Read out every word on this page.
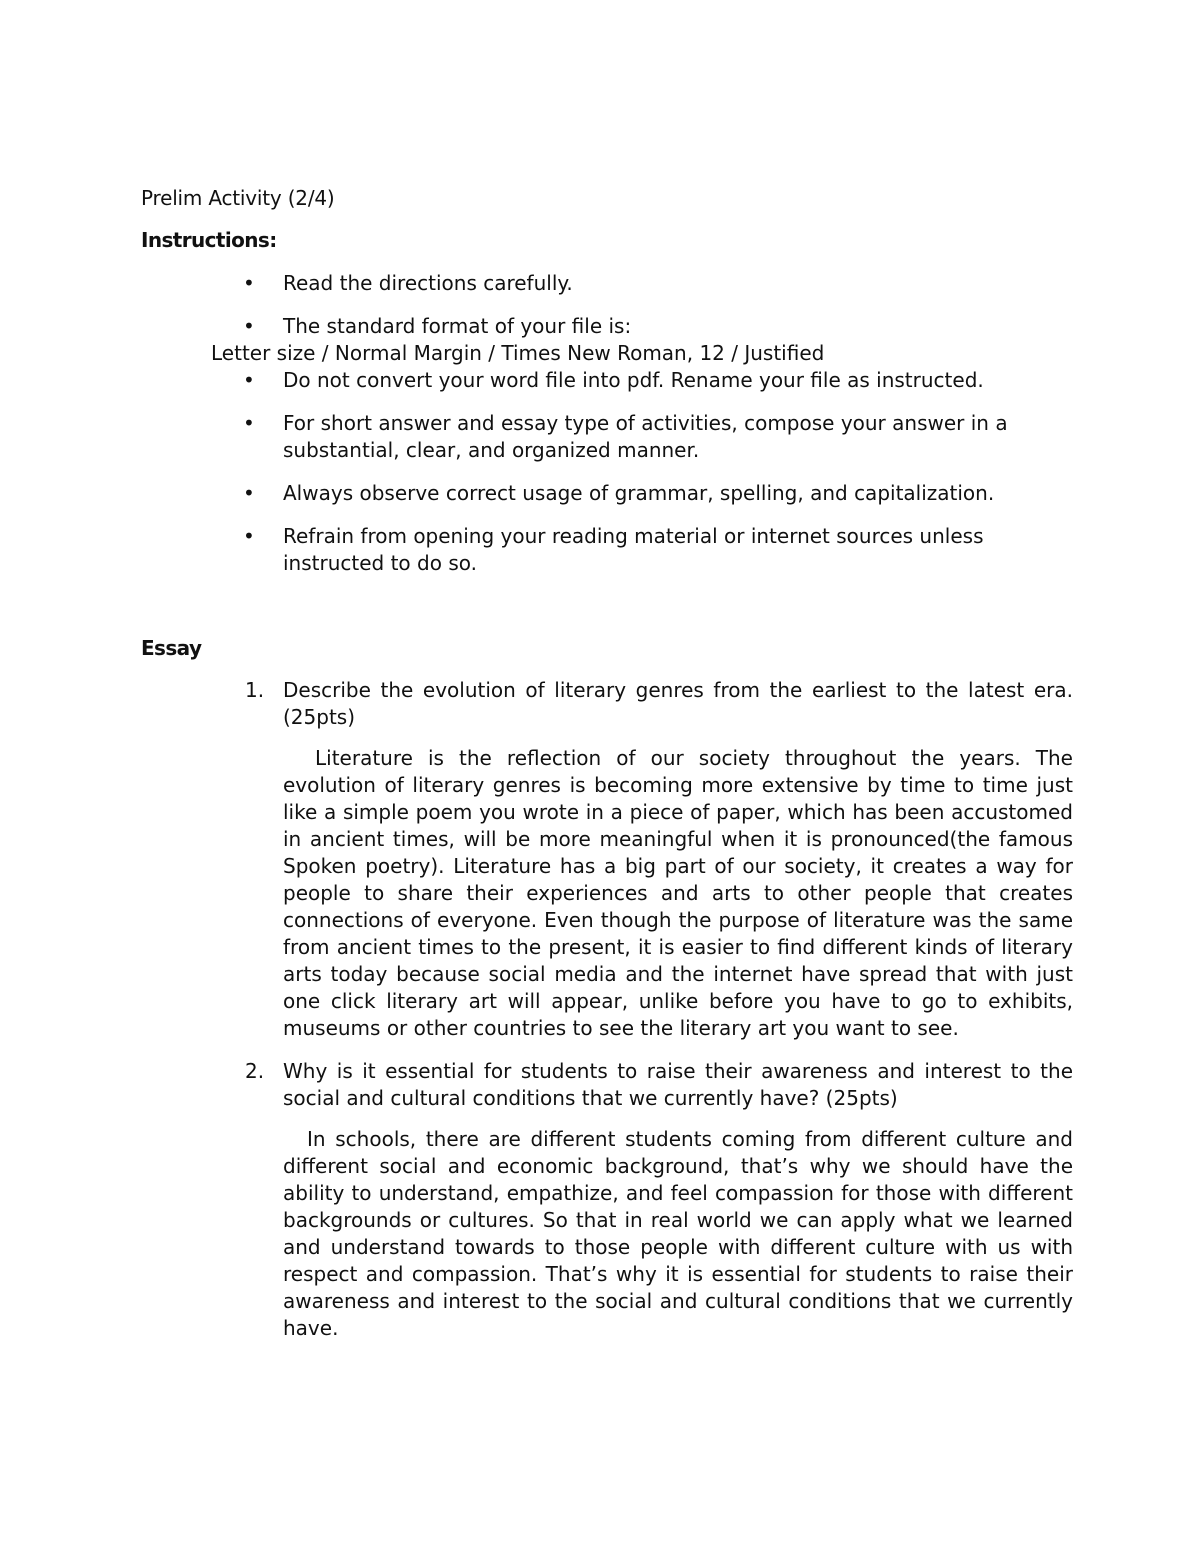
Prelim Activity (2/4)
Instructions:
• Read the directions carefully.
• The standard format of your file is:
Letter size / Normal Margin / Times New Roman, 12 / Justified
• Do not convert your word file into pdf. Rename your file as instructed.
• For short answer and essay type of activities, compose your answer in a substantial, clear, and organized manner.
• Always observe correct usage of grammar, spelling, and capitalization.
• Refrain from opening your reading material or internet sources unless instructed to do so.
Essay
1. Describe the evolution of literary genres from the earliest to the latest era. (25pts)

Literature is the reflection of our society throughout the years. The evolution of literary genres is becoming more extensive by time to time just like a simple poem you wrote in a piece of paper, which has been accustomed in ancient times, will be more meaningful when it is pronounced(the famous Spoken poetry). Literature has a big part of our society, it creates a way for people to share their experiences and arts to other people that creates connections of everyone. Even though the purpose of literature was the same from ancient times to the present, it is easier to find different kinds of literary arts today because social media and the internet have spread that with just one click literary art will appear, unlike before you have to go to exhibits, museums or other countries to see the literary art you want to see.

2. Why is it essential for students to raise their awareness and interest to the social and cultural conditions that we currently have? (25pts)

In schools, there are different students coming from different culture and different social and economic background, that’s why we should have the ability to understand, empathize, and feel compassion for those with different backgrounds or cultures. So that in real world we can apply what we learned and understand towards to those people with different culture with us with respect and compassion. That’s why it is essential for students to raise their awareness and interest to the social and cultural conditions that we currently have.
